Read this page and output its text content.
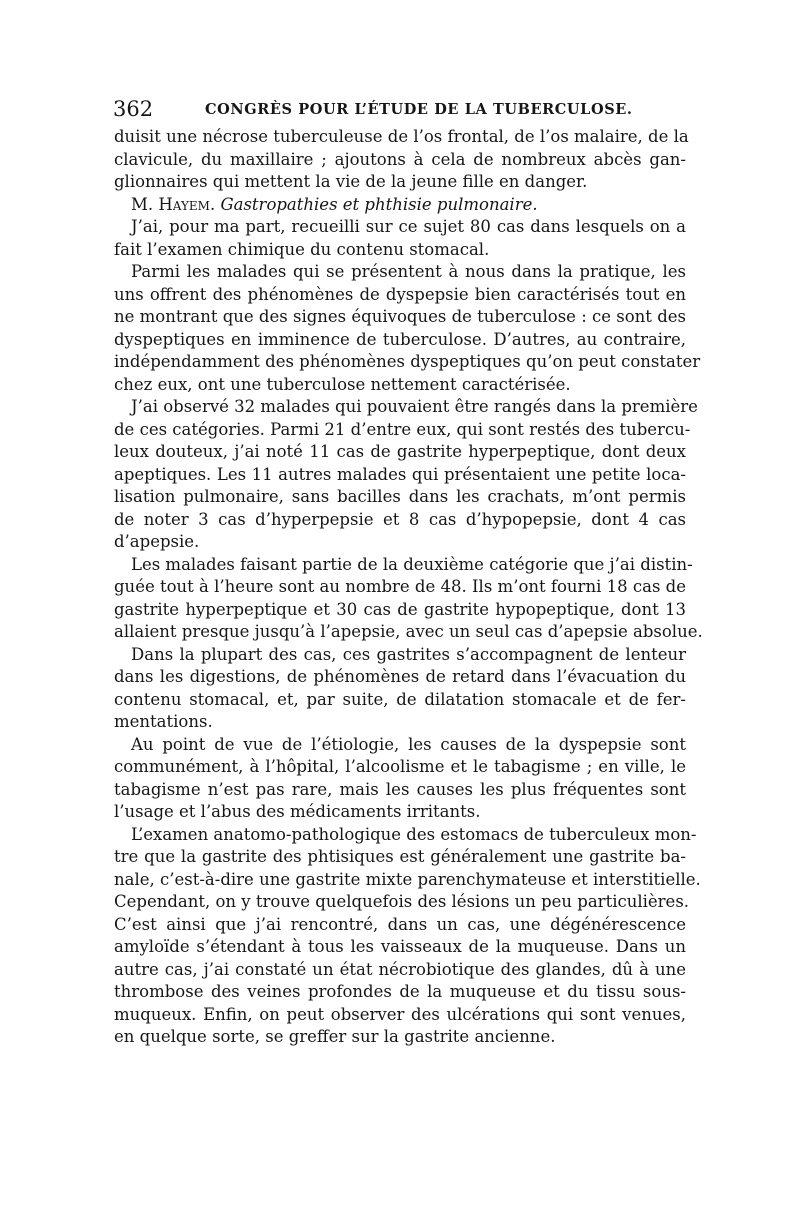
362	CONGRÈS POUR L’ÉTUDE DE LA TUBERCULOSE.
duisit une nécrose tuberculeuse de l’os frontal, de l’os malaire, de la
clavicule, du maxillaire ; ajoutons à cela de nombreux abcès gan-
glionnaires qui mettent la vie de la jeune fille en danger.
M. Hayem. Gastropathies et phthisie pulmonaire.
J’ai, pour ma part, recueilli sur ce sujet 80 cas dans lesquels on a
fait l’examen chimique du contenu stomacal.
Parmi les malades qui se présentent à nous dans la pratique, les
uns offrent des phénomènes de dyspepsie bien caractérisés tout en
ne montrant que des signes équivoques de tuberculose : ce sont des
dyspeptiques en imminence de tuberculose. D’autres, au contraire,
indépendamment des phénomènes dyspeptiques qu’on peut constater
chez eux, ont une tuberculose nettement caractérisée.
J’ai observé 32 malades qui pouvaient être rangés dans la première
de ces catégories. Parmi 21 d’entre eux, qui sont restés des tubercu-
leux douteux, j’ai noté 11 cas de gastrite hyperpeptique, dont deux
apeptiques. Les 11 autres malades qui présentaient une petite loca-
lisation pulmonaire, sans bacilles dans les crachats, m’ont permis
de noter 3 cas d’hyperpepsie et 8 cas d’hypopepsie, dont 4 cas
d’apepsie.
Les malades faisant partie de la deuxième catégorie que j’ai distin-
guée tout à l’heure sont au nombre de 48. Ils m’ont fourni 18 cas de
gastrite hyperpeptique et 30 cas de gastrite hypopeptique, dont 13
allaient presque jusqu’à l’apepsie, avec un seul cas d’apepsie absolue.
Dans la plupart des cas, ces gastrites s’accompagnent de lenteur
dans les digestions, de phénomènes de retard dans l’évacuation du
contenu stomacal, et, par suite, de dilatation stomacale et de fer-
mentations.
Au point de vue de l’étiologie, les causes de la dyspepsie sont
communément, à l’hôpital, l’alcoolisme et le tabagisme ; en ville, le
tabagisme n’est pas rare, mais les causes les plus fréquentes sont
l’usage et l’abus des médicaments irritants.
L’examen anatomo-pathologique des estomacs de tuberculeux mon-
tre que la gastrite des phtisiques est généralement une gastrite ba-
nale, c’est-à-dire une gastrite mixte parenchymateuse et interstitielle.
Cependant, on y trouve quelquefois des lésions un peu particulières.
C’est ainsi que j’ai rencontré, dans un cas, une dégénérescence
amyloïde s’étendant à tous les vaisseaux de la muqueuse. Dans un
autre cas, j’ai constaté un état nécrobiotique des glandes, dû à une
thrombose des veines profondes de la muqueuse et du tissu sous-
muqueux. Enfin, on peut observer des ulcérations qui sont venues,
en quelque sorte, se greffer sur la gastrite ancienne.
